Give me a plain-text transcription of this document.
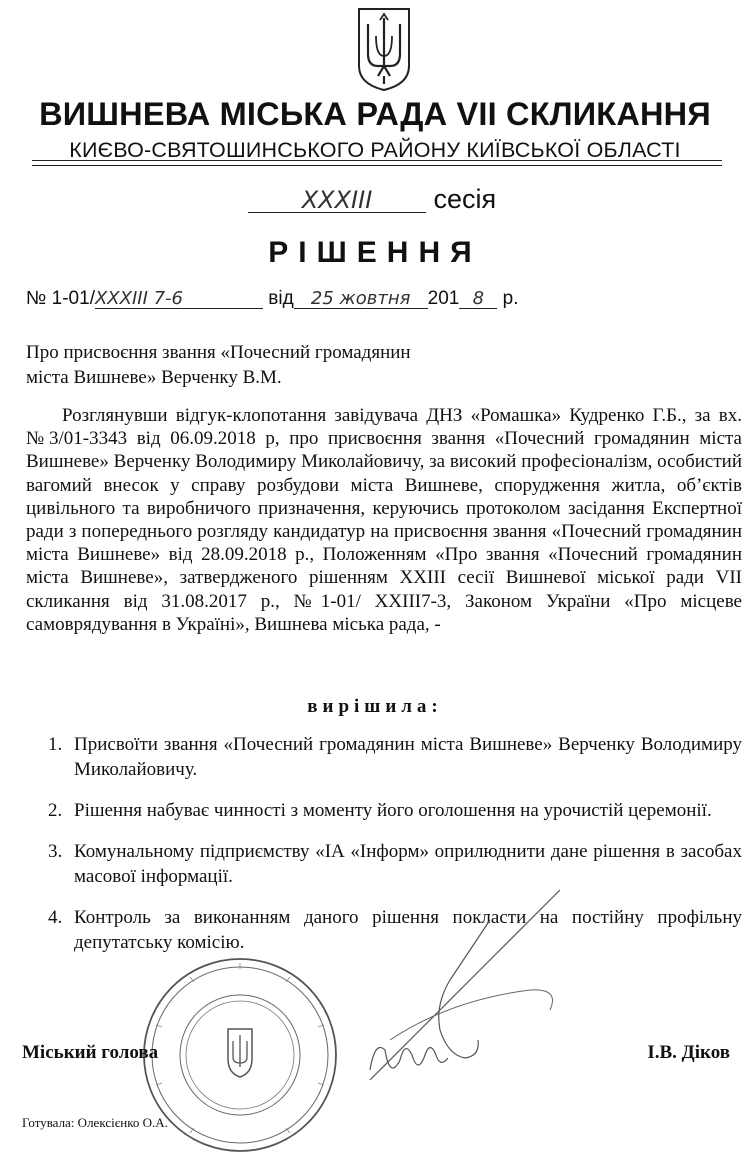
ВИШНЕВА МІСЬКА РАДА VII СКЛИКАННЯ
КИЄВО-СВЯТОШИНСЬКОГО РАЙОНУ КИЇВСЬКОЇ ОБЛАСТІ
XXXIII сесія
РІШЕННЯ
№ 1-01/XXXIII 7-6	від 25 жовтня 201 8 р.
Про присвоєння звання «Почесний громадянин
міста Вишневе» Верченку В.М.
Розглянувши відгук-клопотання завідувача ДНЗ «Ромашка» Кудренко Г.Б., за вх. №3/01-3343 від 06.09.2018 р, про присвоєння звання «Почесний громадянин міста Вишневе» Верченку Володимиру Миколайовичу, за високий професіоналізм, особистий вагомий внесок у справу розбудови міста Вишневе, спорудження житла, об’єктів цивільного та виробничого призначення, керуючись протоколом засідання Експертної ради з попереднього розгляду кандидатур на присвоєння звання «Почесний громадянин міста Вишневе» від 28.09.2018 р., Положенням «Про звання «Почесний громадянин міста Вишневе», затвердженого рішенням XXIII сесії Вишневої міської ради VII скликання від 31.08.2017 р., №1-01/ XXIII7-3, Законом України «Про місцеве самоврядування в Україні», Вишнева міська рада, -
вирішила:
1. Присвоїти звання «Почесний громадянин міста Вишневе» Верченку Володимиру Миколайовичу.
2. Рішення набуває чинності з моменту його оголошення на урочистій церемонії.
3. Комунальному підприємству «ІА «Інформ» оприлюднити дане рішення в засобах масової інформації.
4. Контроль за виконанням даного рішення покласти на постійну профільну депутатську комісію.
Міський голова	І.В. Діков
Готувала: Олексієнко О.А.
